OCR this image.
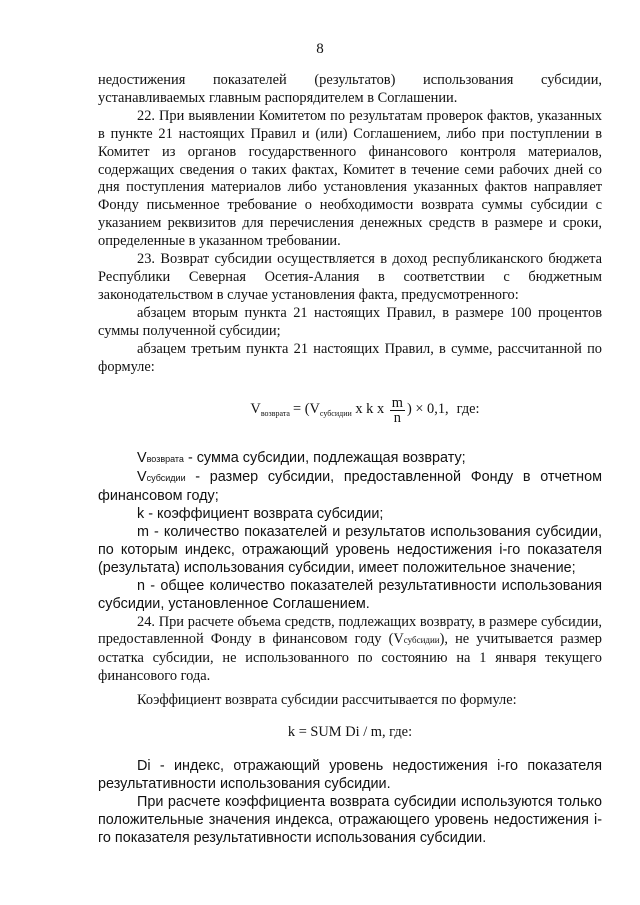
8

недостижения показателей (результатов) использования субсидии, устанавливаемых главным распорядителем в Соглашении.

22. При выявлении Комитетом по результатам проверок фактов, указанных в пункте 21 настоящих Правил и (или) Соглашением, либо при поступлении в Комитет из органов государственного финансового контроля материалов, содержащих сведения о таких фактах, Комитет в течение семи рабочих дней со дня поступления материалов либо установления указанных фактов направляет Фонду письменное требование о необходимости возврата суммы субсидии с указанием реквизитов для перечисления денежных средств в размере и сроки, определенные в указанном требовании.

23. Возврат субсидии осуществляется в доход республиканского бюджета Республики Северная Осетия-Алания в соответствии с бюджетным законодательством в случае установления факта, предусмотренного:

абзацем вторым пункта 21 настоящих Правил, в размере 100 процентов суммы полученной субсидии;

абзацем третьим пункта 21 настоящих Правил, в сумме, рассчитанной по формуле:

V возврата = (V субсидии x k x $\frac{m}{n}$ ) × 0,1, где:

Vвозврата - сумма субсидии, подлежащая возврату;

Vсубсидии - размер субсидии, предоставленной Фонду в отчетном финансовом году;

k - коэффициент возврата субсидии;

m - количество показателей и результатов использования субсидии, по которым индекс, отражающий уровень недостижения i-го показателя (результата) использования субсидии, имеет положительное значение;

n - общее количество показателей результативности использования субсидии, установленное Соглашением.

24. При расчете объема средств, подлежащих возврату, в размере субсидии, предоставленной Фонду в финансовом году (Vсубсидии), не учитывается размер остатка субсидии, не использованного по состоянию на 1 января текущего финансового года.

Коэффициент возврата субсидии рассчитывается по формуле:

k = SUM Di / m, где:

Di - индекс, отражающий уровень недостижения i-го показателя результативности использования субсидии.

При расчете коэффициента возврата субсидии используются только положительные значения индекса, отражающего уровень недостижения i-го показателя результативности использования субсидии.
